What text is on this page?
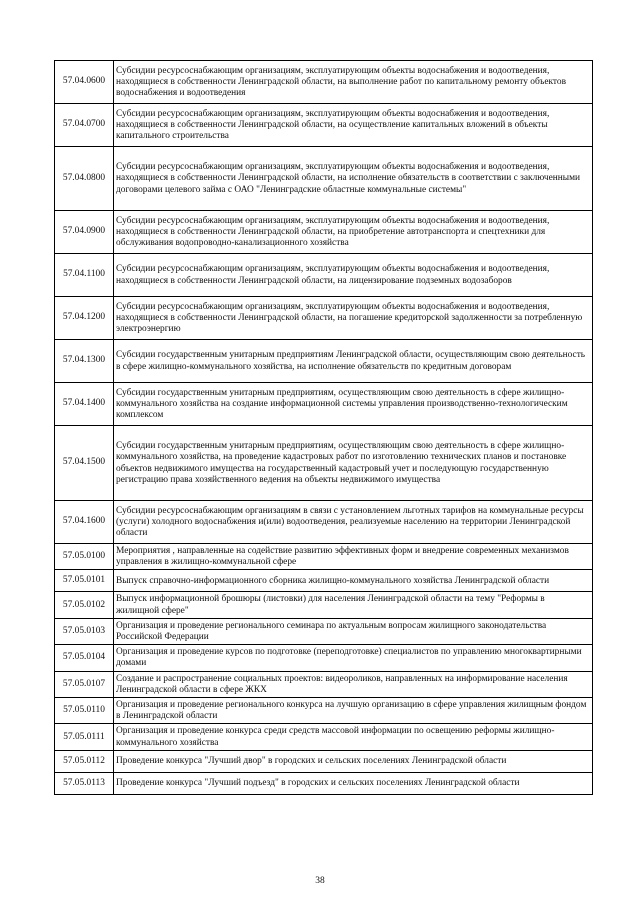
57.04.0600	Субсидии ресурсоснабжающим организациям, эксплуатирующим объекты водоснабжения и водоотведения, находящиеся в собственности Ленинградской области, на выполнение работ по капитальному ремонту объектов водоснабжения и водоотведения
57.04.0700	Субсидии ресурсоснабжающим организациям, эксплуатирующим объекты водоснабжения и водоотведения, находящиеся в собственности Ленинградской области, на осуществление капитальных вложений в объекты капитального строительства
57.04.0800	Субсидии ресурсоснабжающим организациям, эксплуатирующим объекты водоснабжения и водоотведения, находящиеся в собственности Ленинградской области, на исполнение обязательств в соответствии с заключенными договорами целевого займа с ОАО "Ленинградские областные коммунальные системы"
57.04.0900	Субсидии ресурсоснабжающим организациям, эксплуатирующим объекты водоснабжения и водоотведения, находящиеся в собственности Ленинградской области, на приобретение автотранспорта и спецтехники для обслуживания водопроводно-канализационного хозяйства
57.04.1100	Субсидии ресурсоснабжающим организациям, эксплуатирующим объекты водоснабжения и водоотведения, находящиеся в собственности Ленинградской области, на лицензирование подземных водозаборов
57.04.1200	Субсидии ресурсоснабжающим организациям, эксплуатирующим объекты водоснабжения и водоотведения, находящиеся в собственности Ленинградской области, на погашение кредиторской задолженности за потребленную электроэнергию
57.04.1300	Субсидии государственным унитарным предприятиям Ленинградской области, осуществляющим свою деятельность в сфере жилищно-коммунального хозяйства, на исполнение обязательств по кредитным договорам
57.04.1400	Субсидии государственным унитарным предприятиям, осуществляющим свою деятельность в сфере жилищно-коммунального хозяйства на создание информационной системы управления производственно-технологическим комплексом
57.04.1500	Субсидии государственным унитарным предприятиям, осуществляющим свою деятельность в сфере жилищно-коммунального хозяйства, на проведение кадастровых работ по изготовлению технических планов и постановке объектов недвижимого имущества на государственный кадастровый учет и последующую государственную регистрацию права хозяйственного ведения на объекты недвижимого имущества
57.04.1600	Субсидии ресурсоснабжающим организациям в связи с установлением льготных тарифов на коммунальные ресурсы (услуги) холодного водоснабжения и(или) водоотведения, реализуемые населению на территории Ленинградской области
57.05.0100	Мероприятия , направленные на содействие развитию эффективных форм и внедрение современных механизмов управления в жилищно-коммунальной сфере
57.05.0101	Выпуск справочно-информационного сборника жилищно-коммунального хозяйства Ленинградской области
57.05.0102	Выпуск информационной брошюры (листовки) для населения Ленинградской области на тему "Реформы в жилищной сфере"
57.05.0103	Организация и проведение регионального семинара по актуальным вопросам жилищного законодательства Российской Федерации
57.05.0104	Организация и проведение курсов по подготовке (переподготовке) специалистов по управлению многоквартирными домами
57.05.0107	Создание и распространение социальных проектов: видеороликов, направленных на информирование населения Ленинградской области в сфере ЖКХ
57.05.0110	Организация и проведение регионального конкурса на лучшую организацию в сфере управления жилищным фондом в Ленинградской области
57.05.0111	Организация и проведение конкурса среди средств массовой информации по освещению реформы жилищно-коммунального хозяйства
57.05.0112	Проведение конкурса "Лучший двор" в городских и сельских поселениях Ленинградской области
57.05.0113	Проведение конкурса "Лучший подъезд" в городских и сельских поселениях Ленинградской области
38
